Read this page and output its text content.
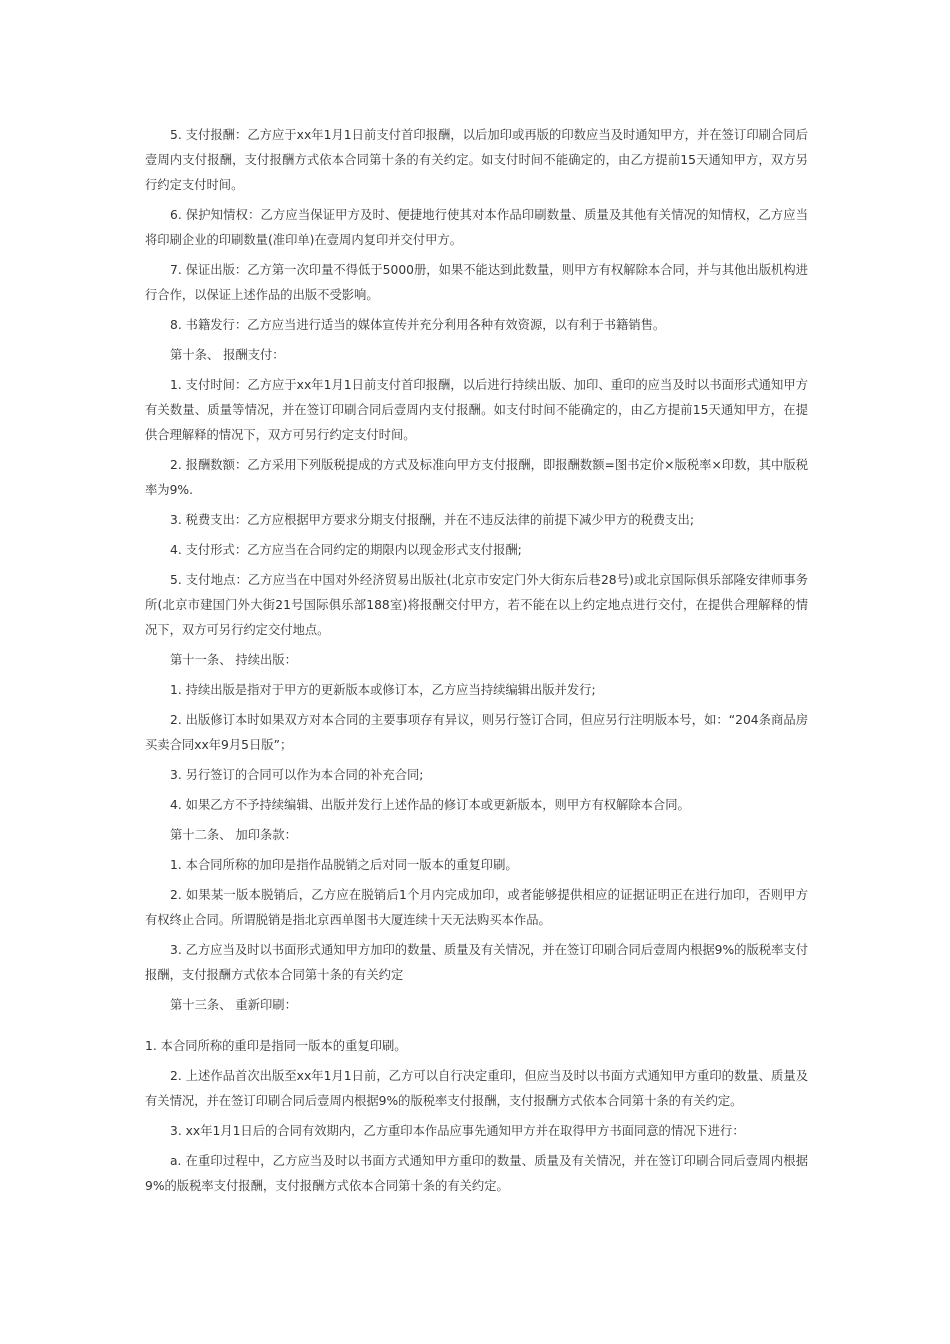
5. 支付报酬：乙方应于xx年1月1日前支付首印报酬，以后加印或再版的印数应当及时通知甲方，并在签订印刷合同后壹周内支付报酬，支付报酬方式依本合同第十条的有关约定。如支付时间不能确定的，由乙方提前15天通知甲方，双方另行约定支付时间。

6. 保护知情权：乙方应当保证甲方及时、便捷地行使其对本作品印刷数量、质量及其他有关情况的知情权，乙方应当将印刷企业的印刷数量(准印单)在壹周内复印并交付甲方。

7. 保证出版：乙方第一次印量不得低于5000册，如果不能达到此数量，则甲方有权解除本合同，并与其他出版机构进行合作，以保证上述作品的出版不受影响。

8. 书籍发行：乙方应当进行适当的媒体宣传并充分利用各种有效资源，以有利于书籍销售。

第十条、 报酬支付：

1. 支付时间：乙方应于xx年1月1日前支付首印报酬，以后进行持续出版、加印、重印的应当及时以书面形式通知甲方有关数量、质量等情况，并在签订印刷合同后壹周内支付报酬。如支付时间不能确定的，由乙方提前15天通知甲方，在提供合理解释的情况下，双方可另行约定支付时间。

2. 报酬数额：乙方采用下列版税提成的方式及标准向甲方支付报酬，即报酬数额=图书定价×版税率×印数，其中版税率为9%.

3. 税费支出：乙方应根据甲方要求分期支付报酬，并在不违反法律的前提下减少甲方的税费支出;

4. 支付形式：乙方应当在合同约定的期限内以现金形式支付报酬;

5. 支付地点：乙方应当在中国对外经济贸易出版社(北京市安定门外大街东后巷28号)或北京国际俱乐部隆安律师事务所(北京市建国门外大街21号国际俱乐部188室)将报酬交付甲方，若不能在以上约定地点进行交付，在提供合理解释的情况下，双方可另行约定交付地点。

第十一条、 持续出版：

1. 持续出版是指对于甲方的更新版本或修订本，乙方应当持续编辑出版并发行;

2. 出版修订本时如果双方对本合同的主要事项存有异议，则另行签订合同，但应另行注明版本号，如：“204条商品房买卖合同xx年9月5日版”；

3. 另行签订的合同可以作为本合同的补充合同;

4. 如果乙方不予持续编辑、出版并发行上述作品的修订本或更新版本，则甲方有权解除本合同。

第十二条、 加印条款：

1. 本合同所称的加印是指作品脱销之后对同一版本的重复印刷。

2. 如果某一版本脱销后，乙方应在脱销后1个月内完成加印，或者能够提供相应的证据证明正在进行加印，否则甲方有权终止合同。所谓脱销是指北京西单图书大厦连续十天无法购买本作品。

3. 乙方应当及时以书面形式通知甲方加印的数量、质量及有关情况，并在签订印刷合同后壹周内根据9%的版税率支付报酬，支付报酬方式依本合同第十条的有关约定

第十三条、 重新印刷：

1. 本合同所称的重印是指同一版本的重复印刷。

2. 上述作品首次出版至xx年1月1日前，乙方可以自行决定重印，但应当及时以书面方式通知甲方重印的数量、质量及有关情况，并在签订印刷合同后壹周内根据9%的版税率支付报酬，支付报酬方式依本合同第十条的有关约定。

3. xx年1月1日后的合同有效期内，乙方重印本作品应事先通知甲方并在取得甲方书面同意的情况下进行：

a. 在重印过程中，乙方应当及时以书面方式通知甲方重印的数量、质量及有关情况，并在签订印刷合同后壹周内根据9%的版税率支付报酬，支付报酬方式依本合同第十条的有关约定。
